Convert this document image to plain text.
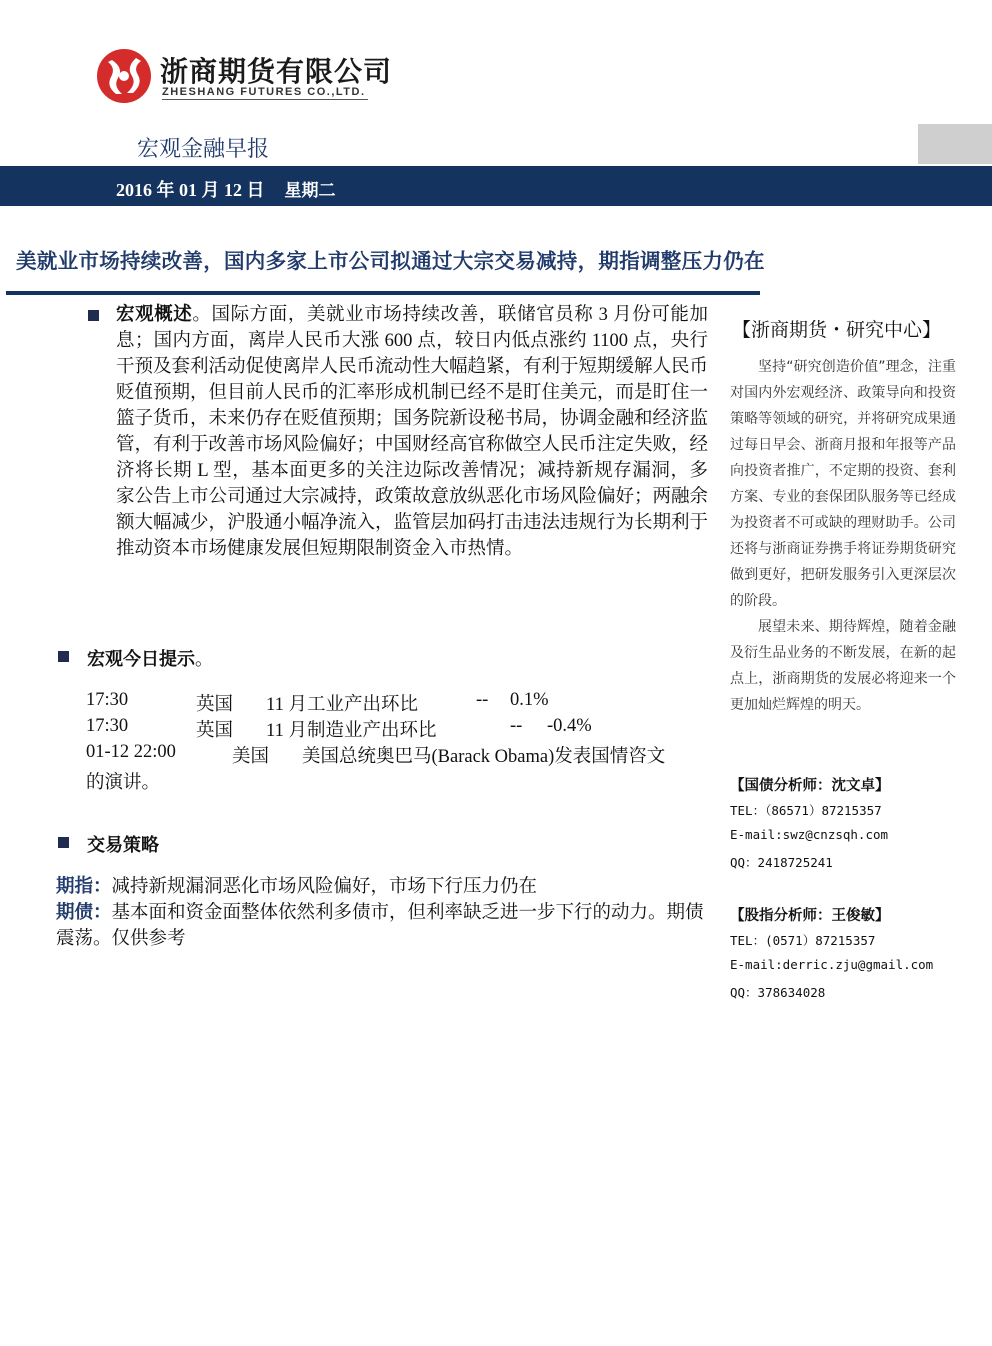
浙商期货有限公司
ZHESHANG FUTURES CO.,LTD.
宏观金融早报
2016 年 01 月 12 日 星期二
美就业市场持续改善，国内多家上市公司拟通过大宗交易减持，期指调整压力仍在
宏观概述。国际方面，美就业市场持续改善，联储官员称 3 月份可能加息；国内方面，离岸人民币大涨 600 点，较日内低点涨约 1100 点，央行干预及套利活动促使离岸人民币流动性大幅趋紧，有利于短期缓解人民币贬值预期，但目前人民币的汇率形成机制已经不是盯住美元，而是盯住一篮子货币，未来仍存在贬值预期；国务院新设秘书局，协调金融和经济监管，有利于改善市场风险偏好；中国财经高官称做空人民币注定失败，经济将长期 L 型，基本面更多的关注边际改善情况；减持新规存漏洞，多家公告上市公司通过大宗减持，政策故意放纵恶化市场风险偏好；两融余额大幅减少，沪股通小幅净流入，监管层加码打击违法违规行为长期利于推动资本市场健康发展但短期限制资金入市热情。
宏观今日提示。
17:30	英国 11 月工业产出环比	-- 0.1%
17:30	英国 11 月制造业产出环比	-- -0.4%
01-12 22:00	美国 美国总统奥巴马(Barack Obama)发表国情咨文
的演讲。
交易策略
期指：减持新规漏洞恶化市场风险偏好，市场下行压力仍在
期债：基本面和资金面整体依然利多债市，但利率缺乏进一步下行的动力。期债震荡。仅供参考
【浙商期货・研究中心】

坚持“研究创造价值”理念，注重对国内外宏观经济、政策导向和投资策略等领域的研究，并将研究成果通过每日早会、浙商月报和年报等产品向投资者推广，不定期的投资、套利方案、专业的套保团队服务等已经成为投资者不可或缺的理财助手。公司还将与浙商证券携手将证券期货研究做到更好，把研发服务引入更深层次的阶段。

展望未来、期待辉煌，随着金融及衍生品业务的不断发展，在新的起点上，浙商期货的发展必将迎来一个更加灿烂辉煌的明天。

【国债分析师：沈文卓】
TEL：（86571）87215357
E-mail:swz@cnzsqh.com
QQ：2418725241
【股指分析师：王俊敏】
TEL：(0571）87215357
E-mail:derric.zju@gmail.com
QQ：378634028
